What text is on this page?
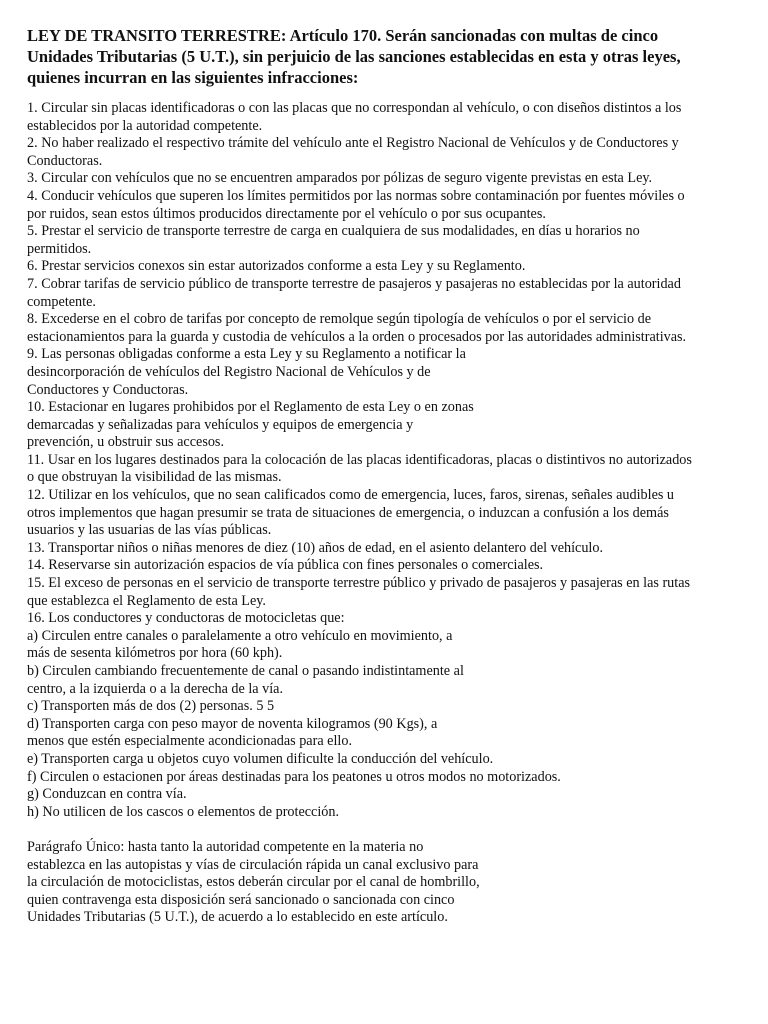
LEY DE TRANSITO TERRESTRE: Artículo 170. Serán sancionadas con multas de cinco
Unidades Tributarias (5 U.T.), sin perjuicio de las sanciones establecidas en esta y otras leyes,
quienes incurran en las siguientes infracciones:
1. Circular sin placas identificadoras o con las placas que no correspondan al vehículo, o con diseños distintos a los
establecidos por la autoridad competente.
2. No haber realizado el respectivo trámite del vehículo ante el Registro Nacional de Vehículos y de Conductores y
Conductoras.
3. Circular con vehículos que no se encuentren amparados por pólizas de seguro vigente previstas en esta Ley.
4. Conducir vehículos que superen los límites permitidos por las normas sobre contaminación por fuentes móviles o
por ruidos, sean estos últimos producidos directamente por el vehículo o por sus ocupantes.
5. Prestar el servicio de transporte terrestre de carga en cualquiera de sus modalidades, en días u horarios no
permitidos.
6. Prestar servicios conexos sin estar autorizados conforme a esta Ley y su Reglamento.
7. Cobrar tarifas de servicio público de transporte terrestre de pasajeros y pasajeras no establecidas por la autoridad
competente.
8. Excederse en el cobro de tarifas por concepto de remolque según tipología de vehículos o por el servicio de
estacionamientos para la guarda y custodia de vehículos a la orden o procesados por las autoridades administrativas.
9. Las personas obligadas conforme a esta Ley y su Reglamento a notificar la
desincorporación de vehículos del Registro Nacional de Vehículos y de
Conductores y Conductoras.
10. Estacionar en lugares prohibidos por el Reglamento de esta Ley o en zonas
demarcadas y señalizadas para vehículos y equipos de emergencia y
prevención, u obstruir sus accesos.
11. Usar en los lugares destinados para la colocación de las placas identificadoras, placas o distintivos no autorizados
o que obstruyan la visibilidad de las mismas.
12. Utilizar en los vehículos, que no sean calificados como de emergencia, luces, faros, sirenas, señales audibles u
otros implementos que hagan presumir se trata de situaciones de emergencia, o induzcan a confusión a los demás
usuarios y las usuarias de las vías públicas.
13. Transportar niños o niñas menores de diez (10) años de edad, en el asiento delantero del vehículo.
14. Reservarse sin autorización espacios de vía pública con fines personales o comerciales.
15. El exceso de personas en el servicio de transporte terrestre público y privado de pasajeros y pasajeras en las rutas
que establezca el Reglamento de esta Ley.
16. Los conductores y conductoras de motocicletas que:
a) Circulen entre canales o paralelamente a otro vehículo en movimiento, a
más de sesenta kilómetros por hora (60 kph).
b) Circulen cambiando frecuentemente de canal o pasando indistintamente al
centro, a la izquierda o a la derecha de la vía.
c) Transporten más de dos (2) personas. 5 5
d) Transporten carga con peso mayor de noventa kilogramos (90 Kgs), a
menos que estén especialmente acondicionadas para ello.
e) Transporten carga u objetos cuyo volumen dificulte la conducción del vehículo.
f) Circulen o estacionen por áreas destinadas para los peatones u otros modos no motorizados.
g) Conduzcan en contra vía.
h) No utilicen de los cascos o elementos de protección.
Parágrafo Único: hasta tanto la autoridad competente en la materia no
establezca en las autopistas y vías de circulación rápida un canal exclusivo para
la circulación de motociclistas, estos deberán circular por el canal de hombrillo,
quien contravenga esta disposición será sancionado o sancionada con cinco
Unidades Tributarias (5 U.T.), de acuerdo a lo establecido en este artículo.
